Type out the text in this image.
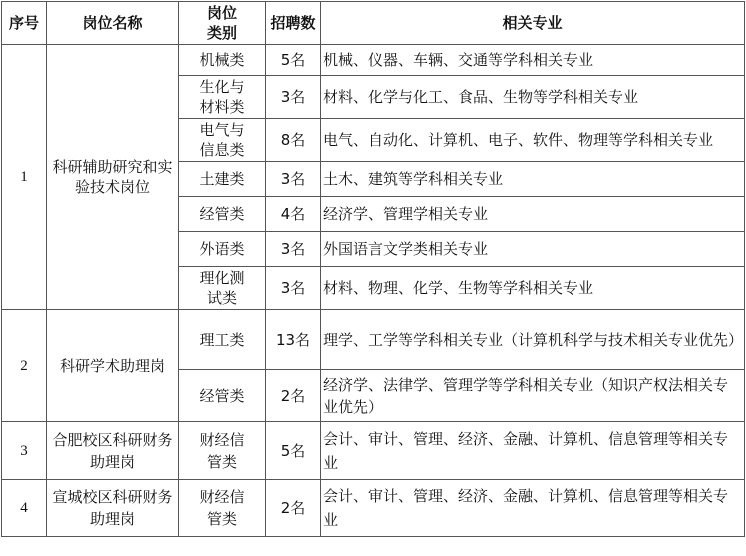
序号	岗位名称	岗位类别	招聘数	相关专业
1	科研辅助研究和实验技术岗位	机械类	5名	机械、仪器、车辆、交通等学科相关专业
		生化与材料类	3名	材料、化学与化工、食品、生物等学科相关专业
		电气与信息类	8名	电气、自动化、计算机、电子、软件、物理等学科相关专业
		土建类	3名	土木、建筑等学科相关专业
		经管类	4名	经济学、管理学相关专业
		外语类	3名	外国语言文学类相关专业
		理化测试类	3名	材料、物理、化学、生物等学科相关专业
2	科研学术助理岗	理工类	13名	理学、工学等学科相关专业（计算机科学与技术相关专业优先）
		经管类	2名	经济学、法律学、管理学等学科相关专业（知识产权法相关专业优先）
3	合肥校区科研财务助理岗	财经信管类	5名	会计、审计、管理、经济、金融、计算机、信息管理等相关专业
4	宣城校区科研财务助理岗	财经信管类	2名	会计、审计、管理、经济、金融、计算机、信息管理等相关专业
